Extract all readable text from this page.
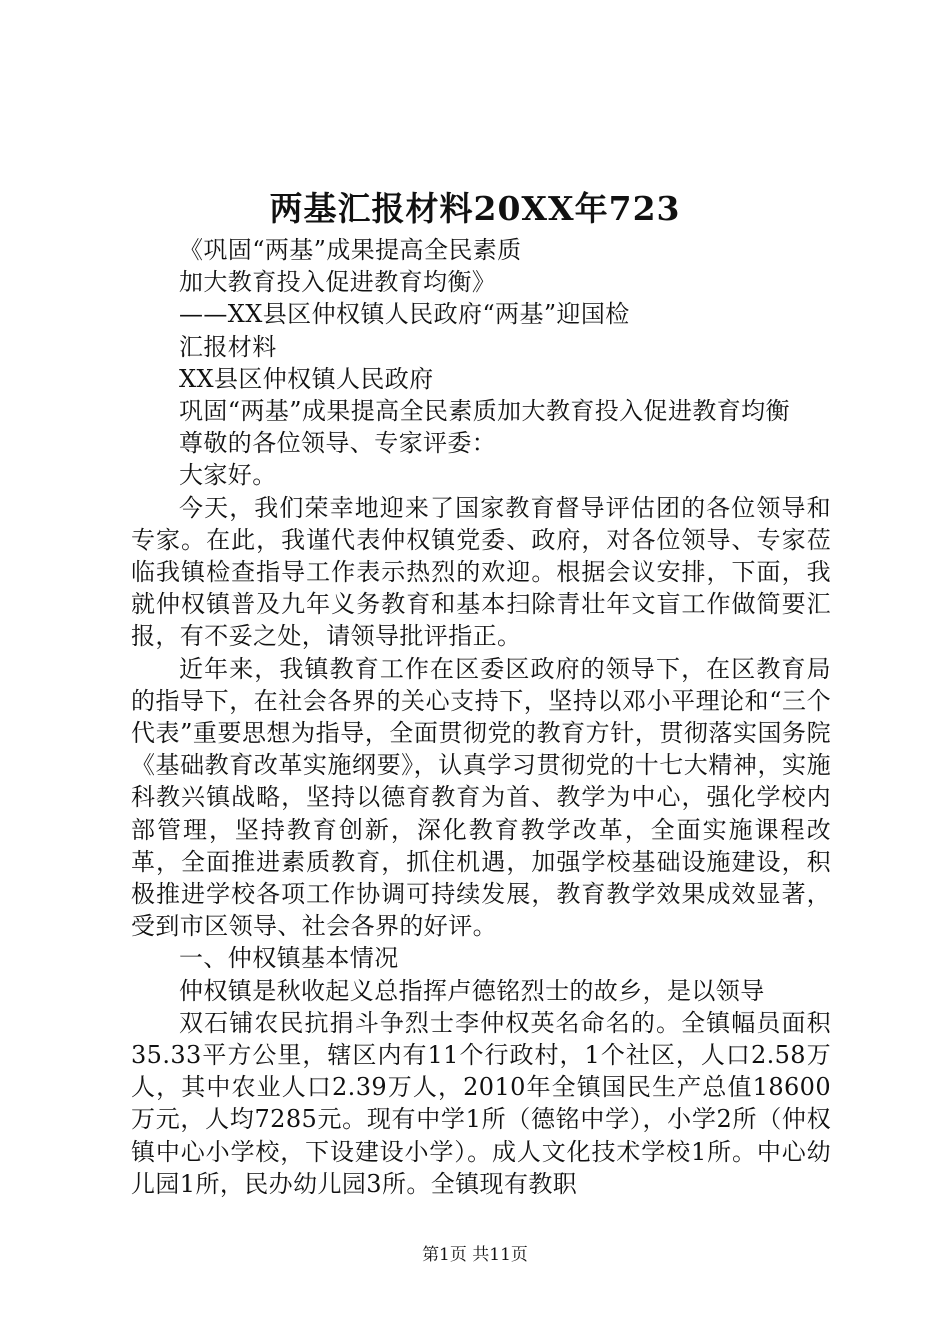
两基汇报材料20XX年723

《巩固“两基”成果提高全民素质

加大教育投入促进教育均衡》

——XX县区仲权镇人民政府“两基”迎国检

汇报材料

XX县区仲权镇人民政府

巩固“两基”成果提高全民素质加大教育投入促进教育均衡

尊敬的各位领导、专家评委：

大家好。

今天，我们荣幸地迎来了国家教育督导评估团的各位领导和专家。在此，我谨代表仲权镇党委、政府，对各位领导、专家莅临我镇检查指导工作表示热烈的欢迎。根据会议安排，下面，我就仲权镇普及九年义务教育和基本扫除青壮年文盲工作做简要汇报，有不妥之处，请领导批评指正。

近年来，我镇教育工作在区委区政府的领导下，在区教育局的指导下，在社会各界的关心支持下，坚持以邓小平理论和“三个代表”重要思想为指导，全面贯彻党的教育方针，贯彻落实国务院《基础教育改革实施纲要》，认真学习贯彻党的十七大精神，实施科教兴镇战略，坚持以德育教育为首、教学为中心，强化学校内部管理，坚持教育创新，深化教育教学改革，全面实施课程改革，全面推进素质教育，抓住机遇，加强学校基础设施建设，积极推进学校各项工作协调可持续发展，教育教学效果成效显著，受到市区领导、社会各界的好评。

一、仲权镇基本情况

仲权镇是秋收起义总指挥卢德铭烈士的故乡，是以领导

双石铺农民抗捐斗争烈士李仲权英名命名的。全镇幅员面积35.33平方公里，辖区内有11个行政村，1个社区，人口2.58万人，其中农业人口2.39万人，2010年全镇国民生产总值18600万元，人均7285元。现有中学1所（德铭中学），小学2所（仲权镇中心小学校，下设建设小学）。成人文化技术学校1所。中心幼儿园1所，民办幼儿园3所。全镇现有教职

第1页 共11页
